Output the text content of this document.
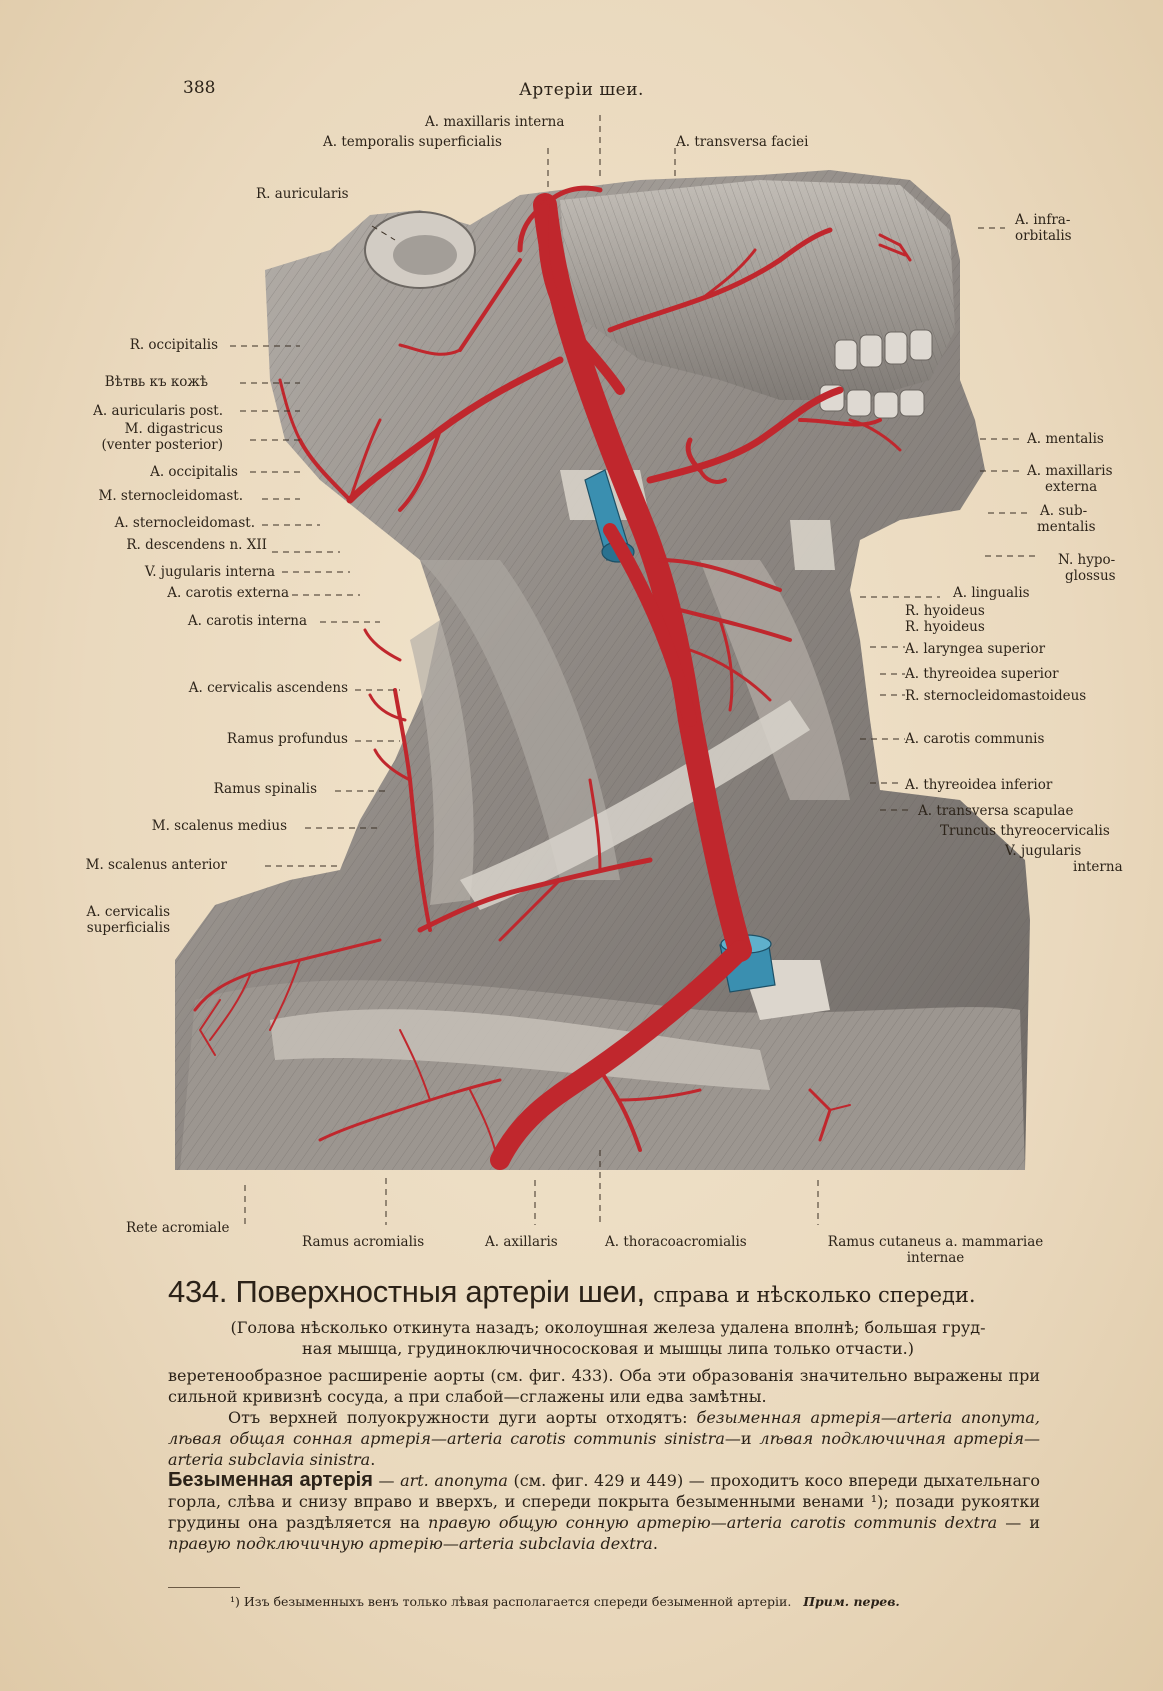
388	Артеріи шеи.
A. maxillaris interna
A. temporalis superficialis	A. transversa faciei
R. auricularis
R. occipitalis
Вѣтвь къ кожѣ
A. auricularis post.
M. digastricus
(venter posterior)
A. occipitalis
M. sternocleidomast.
A. sternocleidomast.
R. descendens n. XII
V. jugularis interna
A. carotis externa
A. carotis interna
A. cervicalis ascendens
Ramus profundus
Ramus spinalis
M. scalenus medius
M. scalenus anterior
A. cervicalis
superficialis
A. infra-
orbitalis
A. mentalis
A. maxillaris
externa
A. sub-
mentalis
N. hypo-
glossus
A. lingualis
R. hyoideus
R. hyoideus
A. laryngea superior
A. thyreoidea superior
R. sternocleidomastoideus
A. carotis communis
A. thyreoidea inferior
A. transversa scapulae
Truncus thyreocervicalis
V. jugularis
interna
Rete acromiale
Ramus acromialis	A. axillaris	A. thoracoacromialis	Ramus cutaneus a. mammariae
internae
434. Поверхностныя артеріи шеи, справа и нѣсколько спереди.
(Голова нѣсколько откинута назадъ; околоушная железа удалена вполнѣ; большая груд-
ная мышца, грудиноключичнососковая и мышцы липа только отчасти.)

веретенообразное расширеніе аорты (см. фиг. 433). Оба эти образованія значительно выражены при сильной кривизнѣ сосуда, а при слабой—сглажены или едва замѣтны.

Отъ верхней полуокружности дуги аорты отходятъ: безыменная артерія—arteria anonyma, лѣвая общая сонная артерія—arteria carotis communis sinistra—и лѣвая подключичная артерія—arteria subclavia sinistra.

Безыменная артерія — art. anonyma (см. фиг. 429 и 449) — проходитъ косо впереди дыхательнаго горла, слѣва и снизу вправо и вверхъ, и спереди покрыта безыменными венами ¹); позади рукоятки грудины она раздѣляется на правую общую сонную артерію—arteria carotis communis dextra — и правую подключичную артерію—arteria subclavia dextra.

¹) Изъ безыменныхъ венъ только лѣвая располагается спереди безыменной артеріи. Прим. перев.
